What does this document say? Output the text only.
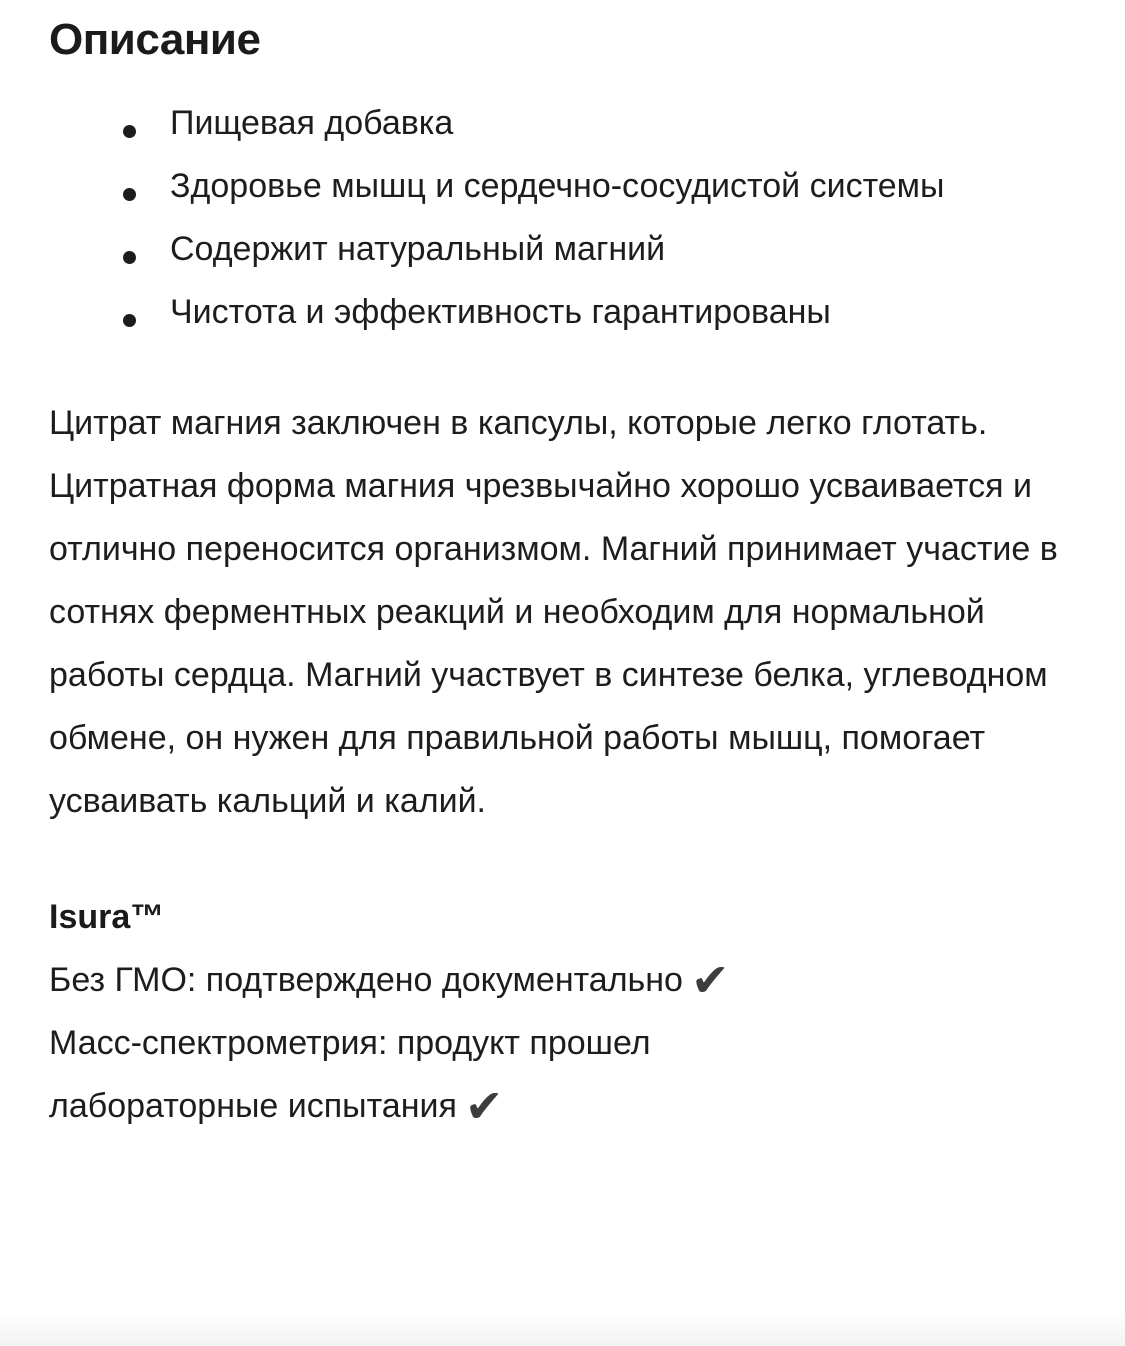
Описание
Пищевая добавка
Здоровье мышц и сердечно-сосудистой системы
Содержит натуральный магний
Чистота и эффективность гарантированы

Цитрат магния заключен в капсулы, которые легко глотать. Цитратная форма магния чрезвычайно хорошо усваивается и отлично переносится организмом. Магний принимает участие в сотнях ферментных реакций и необходим для нормальной работы сердца. Магний участвует в синтезе белка, углеводном обмене, он нужен для правильной работы мышц, помогает усваивать кальций и калий.

Isura™
Без ГМО: подтверждено документально ✔
Масс-спектрометрия: продукт прошел лабораторные испытания ✔
